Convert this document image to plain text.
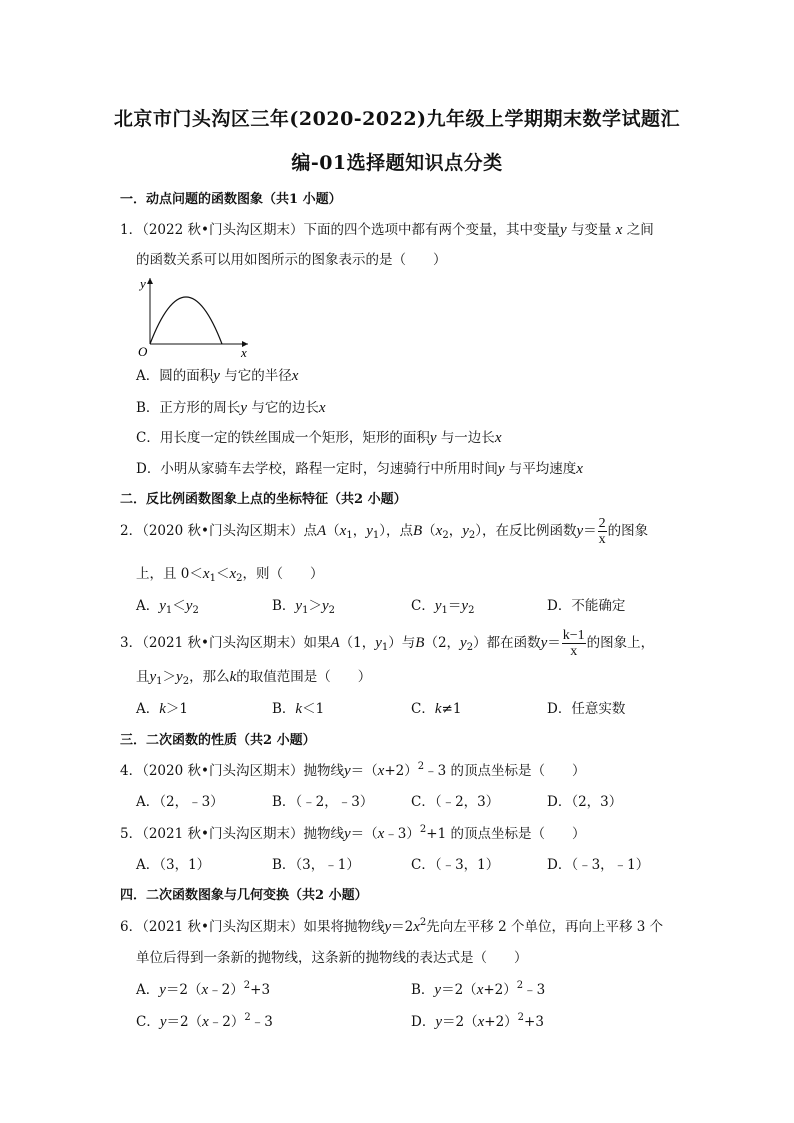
北京市门头沟区三年(2020-2022)九年级上学期期末数学试题汇
编-01选择题知识点分类
一．动点问题的函数图象（共1 小题）
1．（2022 秋•门头沟区期末）下面的四个选项中都有两个变量，其中变量y 与变量 x 之间
的函数关系可以用如图所示的图象表示的是（　　）
y
x
O
A．圆的面积y 与它的半径x
B．正方形的周长y 与它的边长x
C．用长度一定的铁丝围成一个矩形，矩形的面积y 与一边长x
D．小明从家骑车去学校，路程一定时，匀速骑行中所用时间y 与平均速度x
二．反比例函数图象上点的坐标特征（共2 小题）
2．（2020 秋•门头沟区期末）点$A(x_1$，$y_1$），点$B(x_2$，$y_2$），在反比例函数$y= \frac{2}{x}$ 的图象
上，且 $0<x_1<x_2$，则（　　）
A．$y_1<y_2$	B．$y_1>y_2$	C．$y_1=y_2$	D．不能确定
3．（2021 秋•门头沟区期末）如果A（1，$y_1$）与B（2，$y_2$）都在函数$y= \frac{k-1}{x}$ 的图象上，
且$y_1>y_2$，那么k的取值范围是（　　）
A．k＞1	B．k＜1	C．k≠1	D．任意实数
三．二次函数的性质（共2 小题）
4．（2020 秋•门头沟区期末）抛物线$y=(x+2)^2﹣3$ 的顶点坐标是（　　）
A．（2，﹣3）	B．（﹣2，﹣3）	C．（﹣2，3）	D．（2，3）
5．（2021 秋•门头沟区期末）抛物线y＝（x﹣3）$^2$+1 的顶点坐标是（　　）
A．（3，1）	B．（3，﹣1）	C．（﹣3，1）	D．（﹣3，﹣1）
四．二次函数图象与几何变换（共2 小题）
6．（2021 秋•门头沟区期末）如果将抛物线$y=2x^2$先向左平移 2 个单位，再向上平移 3 个
单位后得到一条新的抛物线，这条新的抛物线的表达式是（　　）
A．y＝2（x﹣2）$^2$+3	B．$y=2(x+2)^2﹣3$
C．y＝2（x﹣2）$^2$﹣3	D．$y=2(x+2)^2+3$
